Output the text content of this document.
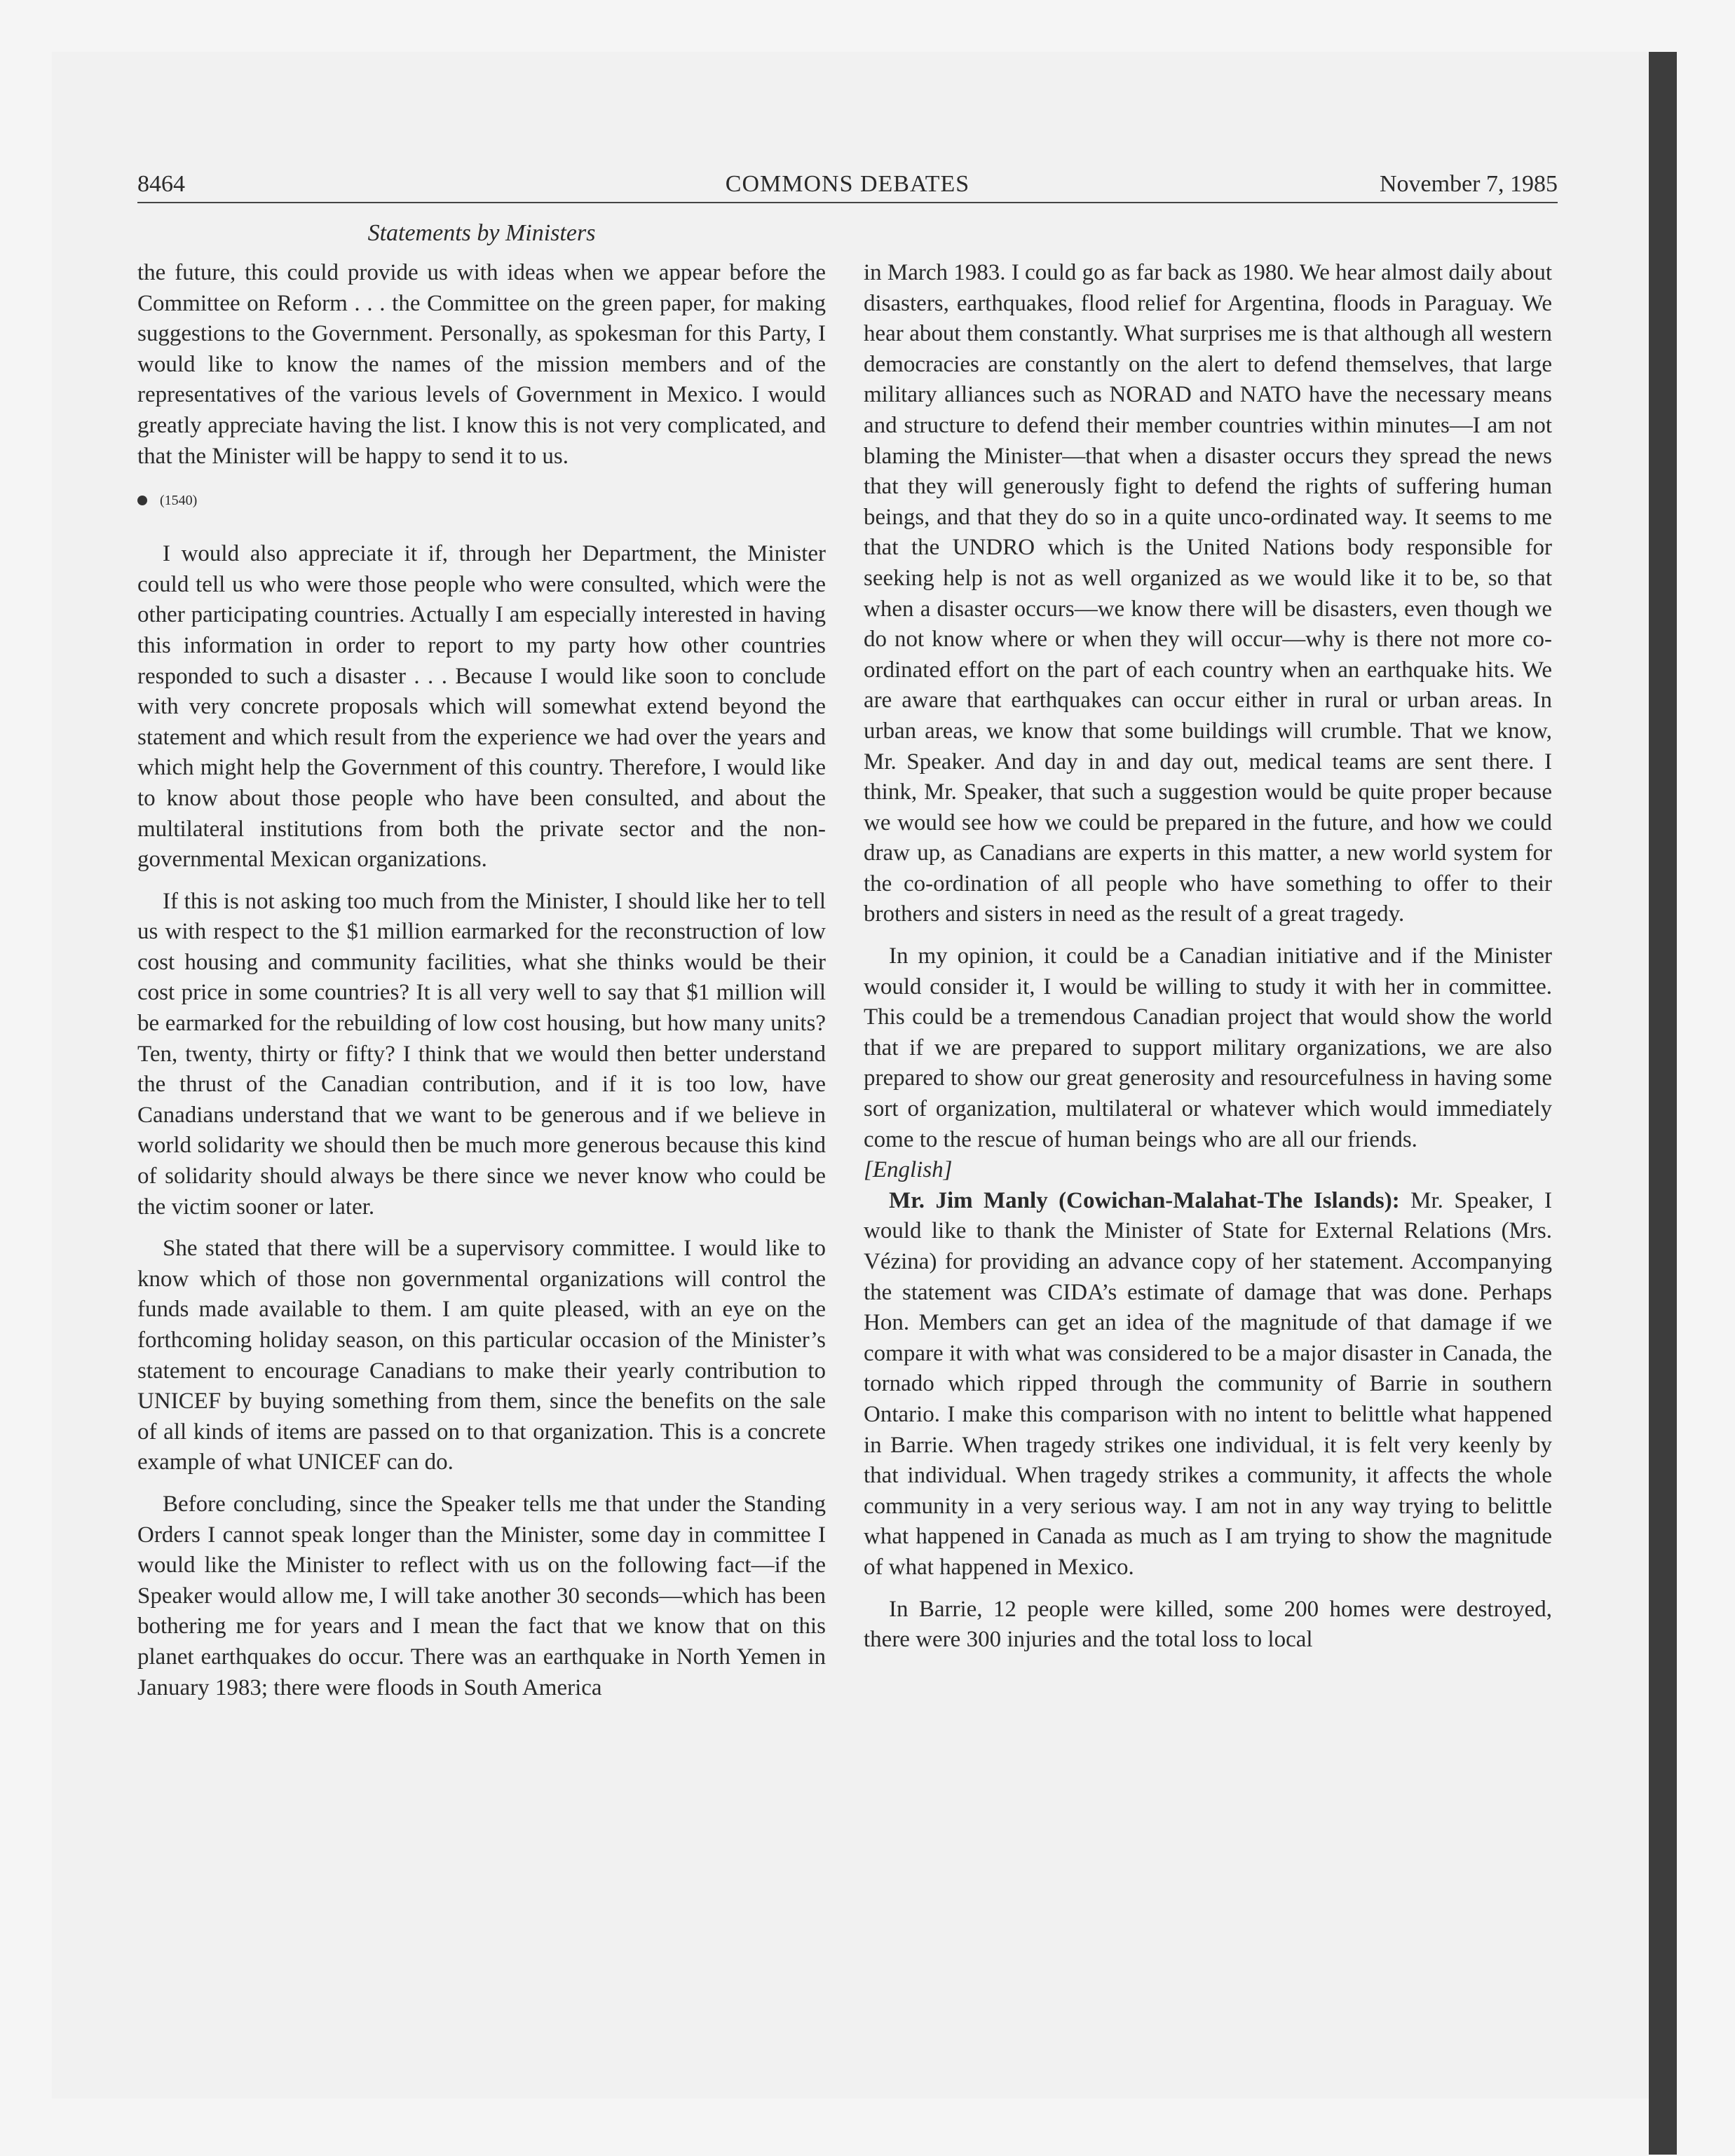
8464	COMMONS DEBATES	November 7, 1985
Statements by Ministers

the future, this could provide us with ideas when we appear before the Committee on Reform . . . the Committee on the green paper, for making suggestions to the Government. Personally, as spokesman for this Party, I would like to know the names of the mission members and of the representatives of the various levels of Government in Mexico. I would greatly appreciate having the list. I know this is not very complicated, and that the Minister will be happy to send it to us.

(1540)

I would also appreciate it if, through her Department, the Minister could tell us who were those people who were consulted, which were the other participating countries. Actually I am especially interested in having this information in order to report to my party how other countries responded to such a disaster . . . Because I would like soon to conclude with very concrete proposals which will somewhat extend beyond the statement and which result from the experience we had over the years and which might help the Government of this country. Therefore, I would like to know about those people who have been consulted, and about the multilateral institutions from both the private sector and the non-governmental Mexican organizations.

If this is not asking too much from the Minister, I should like her to tell us with respect to the $1 million earmarked for the reconstruction of low cost housing and community facilities, what she thinks would be their cost price in some countries? It is all very well to say that $1 million will be earmarked for the rebuilding of low cost housing, but how many units? Ten, twenty, thirty or fifty? I think that we would then better understand the thrust of the Canadian contribution, and if it is too low, have Canadians understand that we want to be generous and if we believe in world solidarity we should then be much more generous because this kind of solidarity should always be there since we never know who could be the victim sooner or later.

She stated that there will be a supervisory committee. I would like to know which of those non governmental organizations will control the funds made available to them. I am quite pleased, with an eye on the forthcoming holiday season, on this particular occasion of the Minister’s statement to encourage Canadians to make their yearly contribution to UNICEF by buying something from them, since the benefits on the sale of all kinds of items are passed on to that organization. This is a concrete example of what UNICEF can do.

Before concluding, since the Speaker tells me that under the Standing Orders I cannot speak longer than the Minister, some day in committee I would like the Minister to reflect with us on the following fact—if the Speaker would allow me, I will take another 30 seconds—which has been bothering me for years and I mean the fact that we know that on this planet earthquakes do occur. There was an earthquake in North Yemen in January 1983; there were floods in South America

in March 1983. I could go as far back as 1980. We hear almost daily about disasters, earthquakes, flood relief for Argentina, floods in Paraguay. We hear about them constantly. What surprises me is that although all western democracies are constantly on the alert to defend themselves, that large military alliances such as NORAD and NATO have the necessary means and structure to defend their member countries within minutes—I am not blaming the Minister—that when a disaster occurs they spread the news that they will generously fight to defend the rights of suffering human beings, and that they do so in a quite unco-ordinated way. It seems to me that the UNDRO which is the United Nations body responsible for seeking help is not as well organized as we would like it to be, so that when a disaster occurs—we know there will be disasters, even though we do not know where or when they will occur—why is there not more co-ordinated effort on the part of each country when an earthquake hits. We are aware that earthquakes can occur either in rural or urban areas. In urban areas, we know that some buildings will crumble. That we know, Mr. Speaker. And day in and day out, medical teams are sent there. I think, Mr. Speaker, that such a suggestion would be quite proper because we would see how we could be prepared in the future, and how we could draw up, as Canadians are experts in this matter, a new world system for the co-ordination of all people who have something to offer to their brothers and sisters in need as the result of a great tragedy.

In my opinion, it could be a Canadian initiative and if the Minister would consider it, I would be willing to study it with her in committee. This could be a tremendous Canadian project that would show the world that if we are prepared to support military organizations, we are also prepared to show our great generosity and resourcefulness in having some sort of organization, multilateral or whatever which would immediately come to the rescue of human beings who are all our friends.

[English]

Mr. Jim Manly (Cowichan-Malahat-The Islands): Mr. Speaker, I would like to thank the Minister of State for External Relations (Mrs. Vézina) for providing an advance copy of her statement. Accompanying the statement was CIDA’s estimate of damage that was done. Perhaps Hon. Members can get an idea of the magnitude of that damage if we compare it with what was considered to be a major disaster in Canada, the tornado which ripped through the community of Barrie in southern Ontario. I make this comparison with no intent to belittle what happened in Barrie. When tragedy strikes one individual, it is felt very keenly by that individual. When tragedy strikes a community, it affects the whole community in a very serious way. I am not in any way trying to belittle what happened in Canada as much as I am trying to show the magnitude of what happened in Mexico.

In Barrie, 12 people were killed, some 200 homes were destroyed, there were 300 injuries and the total loss to local
